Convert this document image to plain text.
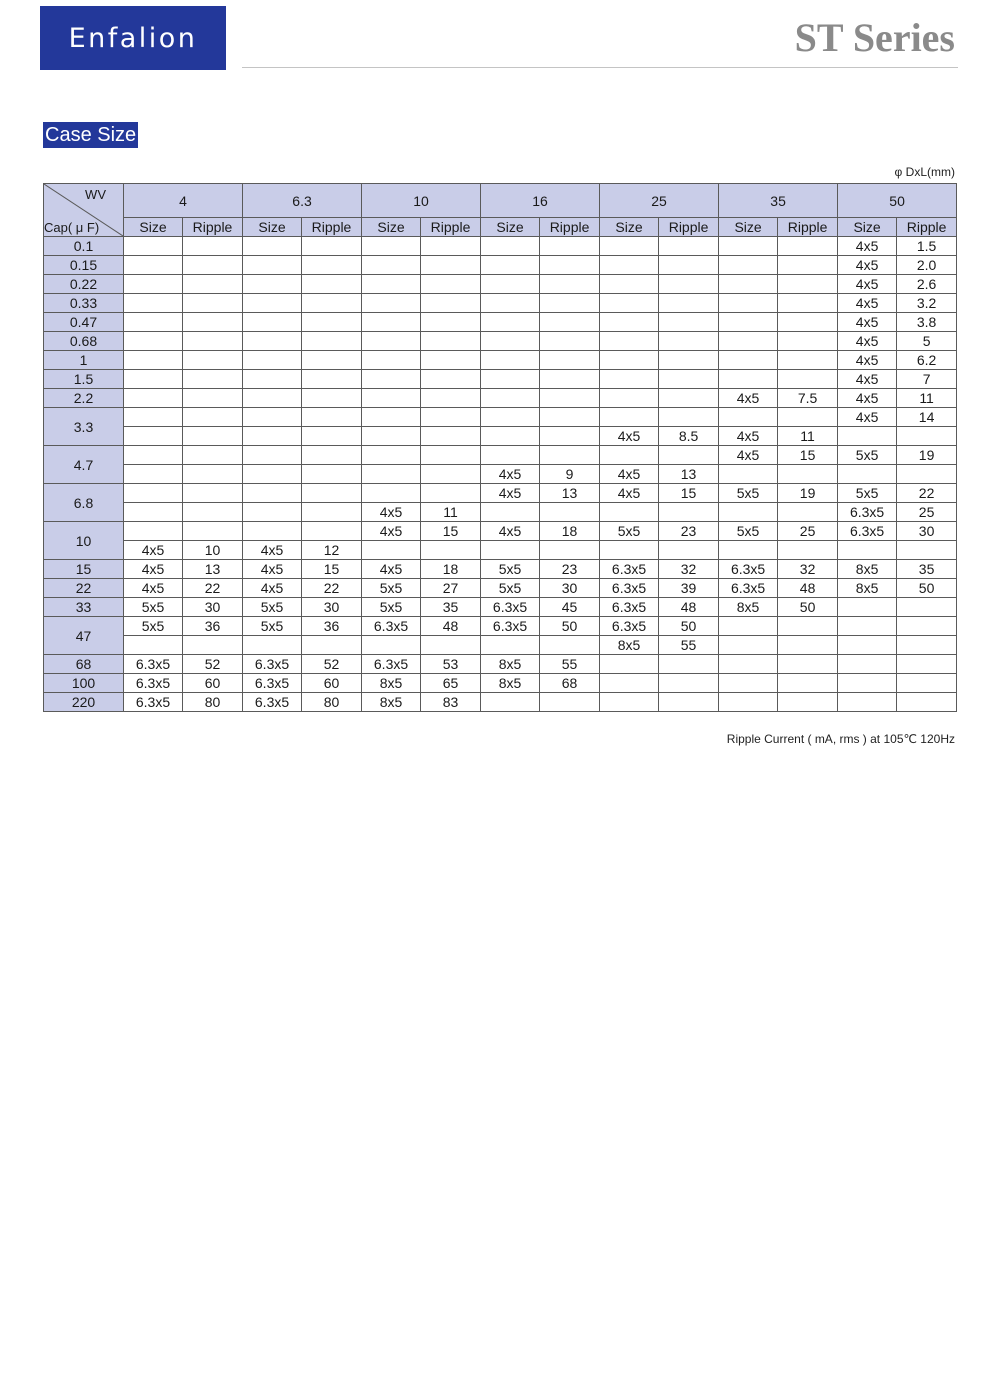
Enfalion	ST Series
Case Size
φ DxL(mm)
WV
Cap( μ F)	4		6.3		10		16		25		35		50	
	Size	Ripple	Size	Ripple	Size	Ripple	Size	Ripple	Size	Ripple	Size	Ripple	Size	Ripple
0.1													4x5	1.5
0.15													4x5	2.0
0.22													4x5	2.6
0.33													4x5	3.2
0.47													4x5	3.8
0.68													4x5	5
1													4x5	6.2
1.5													4x5	7
2.2											4x5	7.5	4x5	11
3.3													4x5	14
									4x5	8.5	4x5	11		
4.7											4x5	15	5x5	19
							4x5	9	4x5	13				
6.8							4x5	13	4x5	15	5x5	19	5x5	22
					4x5	11							6.3x5	25
10					4x5	15	4x5	18	5x5	23	5x5	25	6.3x5	30
	4x5	10	4x5	12										
15	4x5	13	4x5	15	4x5	18	5x5	23	6.3x5	32	6.3x5	32	8x5	35
22	4x5	22	4x5	22	5x5	27	5x5	30	6.3x5	39	6.3x5	48	8x5	50
33	5x5	30	5x5	30	5x5	35	6.3x5	45	6.3x5	48	8x5	50		
47	5x5	36	5x5	36	6.3x5	48	6.3x5	50	6.3x5	50				
									8x5	55				
68	6.3x5	52	6.3x5	52	6.3x5	53	8x5	55						
100	6.3x5	60	6.3x5	60	8x5	65	8x5	68						
220	6.3x5	80	6.3x5	80	8x5	83								
Ripple Current ( mA, rms ) at 105℃ 120Hz
